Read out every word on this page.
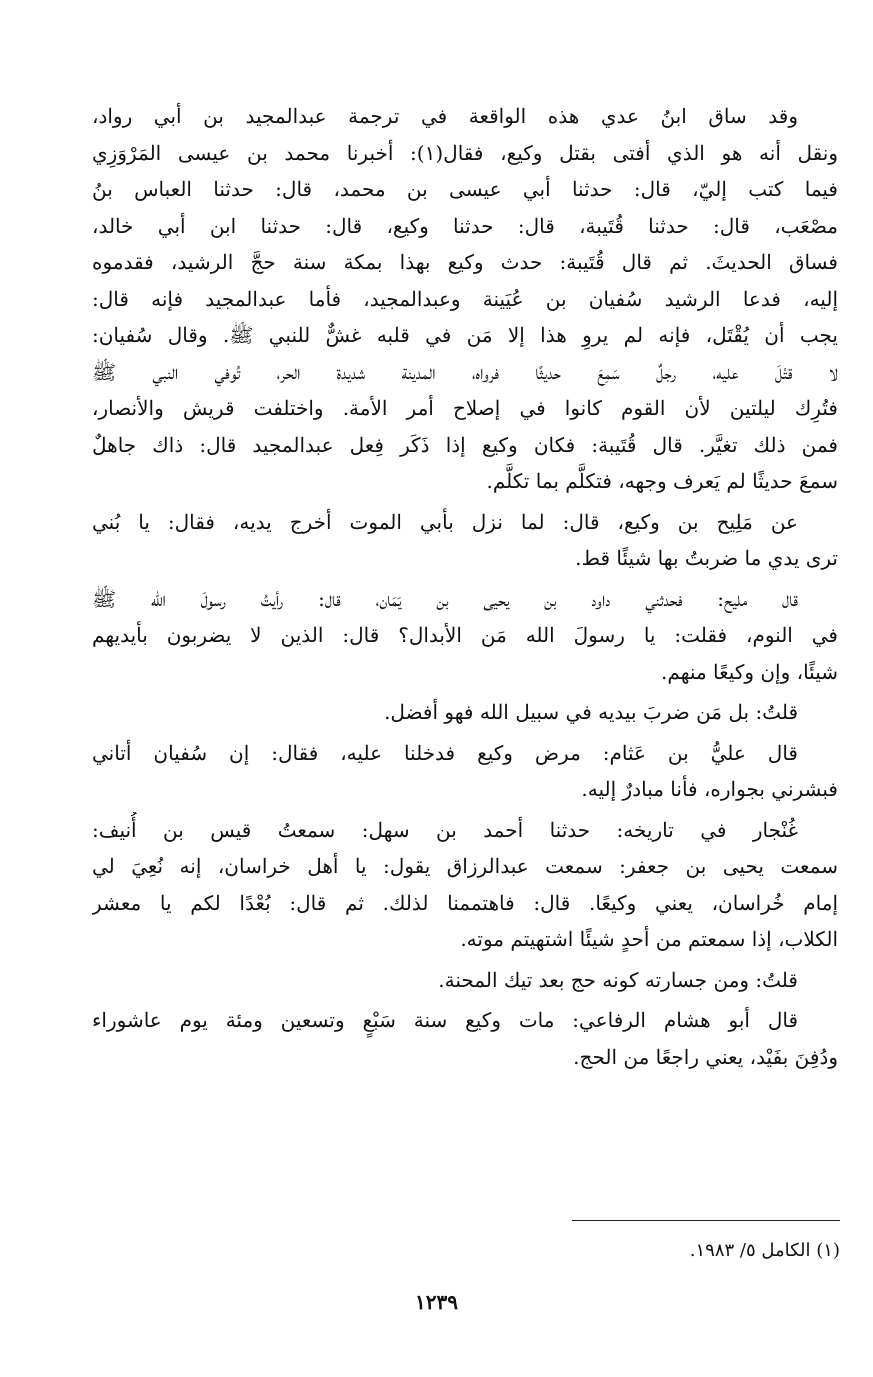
وقد ساق ابنُ عدي هذه الواقعة في ترجمة عبدالمجيد بن أبي رواد،
ونقل أنه هو الذي أفتى بقتل وكيع، فقال(١): أخبرنا محمد بن عيسى المَرْوَزِي
فيما كتب إليّ، قال: حدثنا أبي عيسى بن محمد، قال: حدثنا العباس بنُ
مصْعَب، قال: حدثنا قُتَيبة، قال: حدثنا وكيع، قال: حدثنا ابن أبي خالد،
فساق الحديثَ. ثم قال قُتَيبة: حدث وكيع بهذا بمكة سنة حجَّ الرشيد، فقدموه
إليه، فدعا الرشيد سُفيان بن عُيَينة وعبدالمجيد، فأما عبدالمجيد فإنه قال:
يجب أن يُقْتَل، فإنه لم يروِ هذا إلا مَن في قلبه غشٌّ للنبي ﷺ. وقال سُفيان:
لا قتْلَ عليه، رجلٌ سَمِعَ حديثًا فرواه، المدينة شديدة الحر، تُوفي النبي ﷺ
فتُرِك ليلتين لأن القوم كانوا في إصلاح أمر الأمة. واختلفت قريش والأنصار،
فمن ذلك تغيَّر. قال قُتَيبة: فكان وكيع إذا ذَكَر فِعل عبدالمجيد قال: ذاك جاهلٌ
سمعَ حديثًا لم يَعرف وجهه، فتكلَّم بما تكلَّم.
عن مَلِيح بن وكيع، قال: لما نزل بأبي الموت أخرج يديه، فقال: يا بُني
ترى يدي ما ضربتُ بها شيئًا قط.
قال مليح: فحدثني داود بن يحيى بن يَمَان، قال: رأيتُ رسولَ الله ﷺ
في النوم، فقلت: يا رسولَ الله مَن الأبدال؟ قال: الذين لا يضربون بأيديهم
شيئًا، وإن وكيعًا منهم.
قلتُ: بل مَن ضربَ بيديه في سبيل الله فهو أفضل.
قال عليُّ بن عَثام: مرض وكيع فدخلنا عليه، فقال: إن سُفيان أتاني
فبشرني بجواره، فأنا مبادرٌ إليه.
غُنْجار في تاريخه: حدثنا أحمد بن سهل: سمعتُ قيس بن أُنيف:
سمعت يحيى بن جعفر: سمعت عبدالرزاق يقول: يا أهل خراسان، إنه نُعِيَ لي
إمام خُراسان، يعني وكيعًا. قال: فاهتممنا لذلك. ثم قال: بُعْدًا لكم يا معشر
الكلاب، إذا سمعتم من أحدٍ شيئًا اشتهيتم موته.
قلتُ: ومن جسارته كونه حج بعد تيك المحنة.
قال أبو هشام الرفاعي: مات وكيع سنة سَبْعٍ وتسعين ومئة يوم عاشوراء
ودُفِنَ بفَيْد، يعني راجعًا من الحج.
(١) الكامل ٥/ ١٩٨٣.
١٢٣٩
